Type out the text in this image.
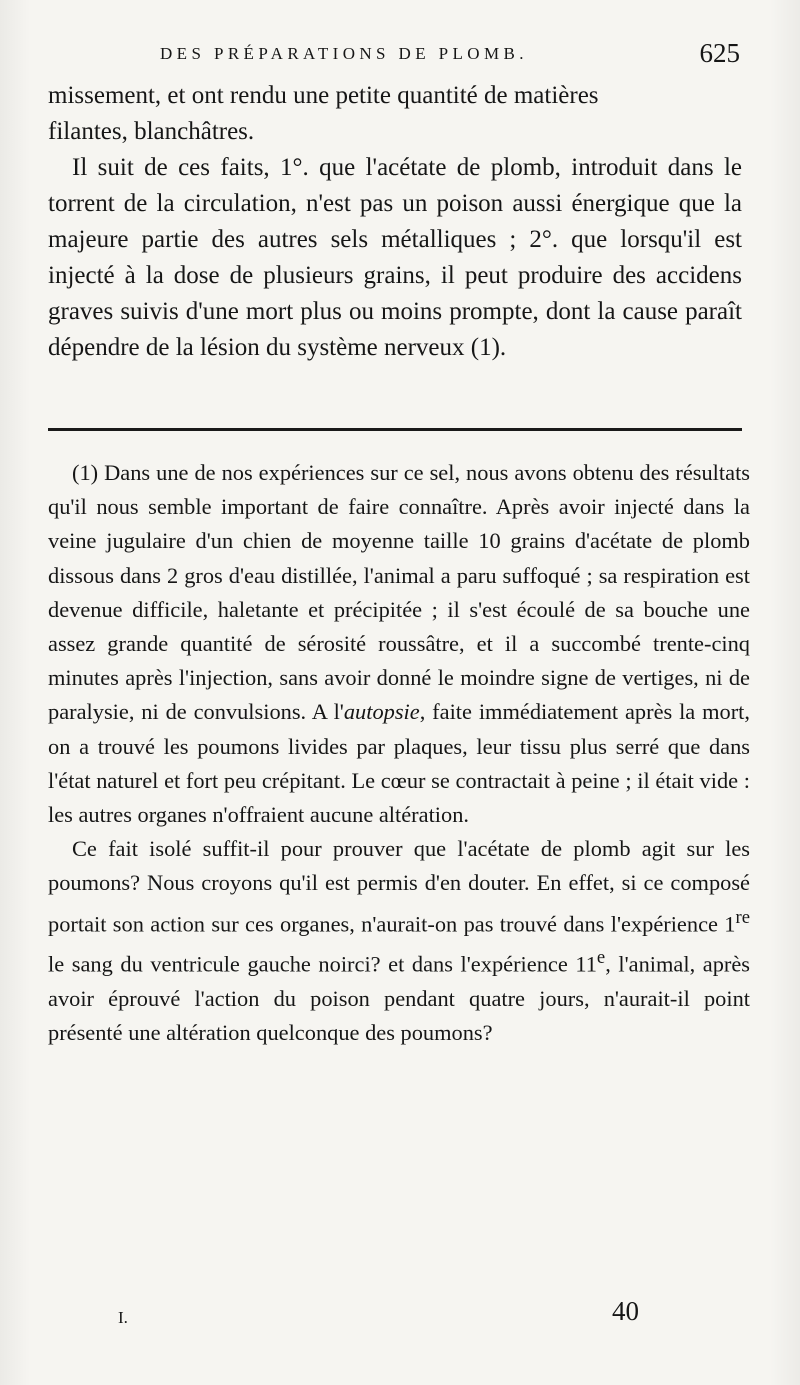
DES PRÉPARATIONS DE PLOMB.	625

missement, et ont rendu une petite quantité de matières
filantes, blanchâtres.

Il suit de ces faits, 1°. que l'acétate de plomb, introduit dans le torrent de la circulation, n'est pas un poison aussi énergique que la majeure partie des autres sels métalliques ; 2°. que lorsqu'il est injecté à la dose de plusieurs grains, il peut produire des accidens graves suivis d'une mort plus ou moins prompte, dont la cause paraît dépendre de la lésion du système nerveux (1).

(1) Dans une de nos expériences sur ce sel, nous avons obtenu des résultats qu'il nous semble important de faire connaître. Après avoir injecté dans la veine jugulaire d'un chien de moyenne taille 10 grains d'acétate de plomb dissous dans 2 gros d'eau distillée, l'animal a paru suffoqué ; sa respiration est devenue difficile, haletante et précipitée ; il s'est écoulé de sa bouche une assez grande quantité de sérosité roussâtre, et il a succombé trente-cinq minutes après l'injection, sans avoir donné le moindre signe de vertiges, ni de paralysie, ni de convulsions. A l'autopsie, faite immédiatement après la mort, on a trouvé les poumons livides par plaques, leur tissu plus serré que dans l'état naturel et fort peu crépitant. Le cœur se contractait à peine ; il était vide : les autres organes n'offraient aucune altération.

Ce fait isolé suffit-il pour prouver que l'acétate de plomb agit sur les poumons? Nous croyons qu'il est permis d'en douter. En effet, si ce composé portait son action sur ces organes, n'aurait-on pas trouvé dans l'expérience 1re le sang du ventricule gauche noirci? et dans l'expérience 11e, l'animal, après avoir éprouvé l'action du poison pendant quatre jours, n'aurait-il point présenté une altération quelconque des poumons?

I.	40
